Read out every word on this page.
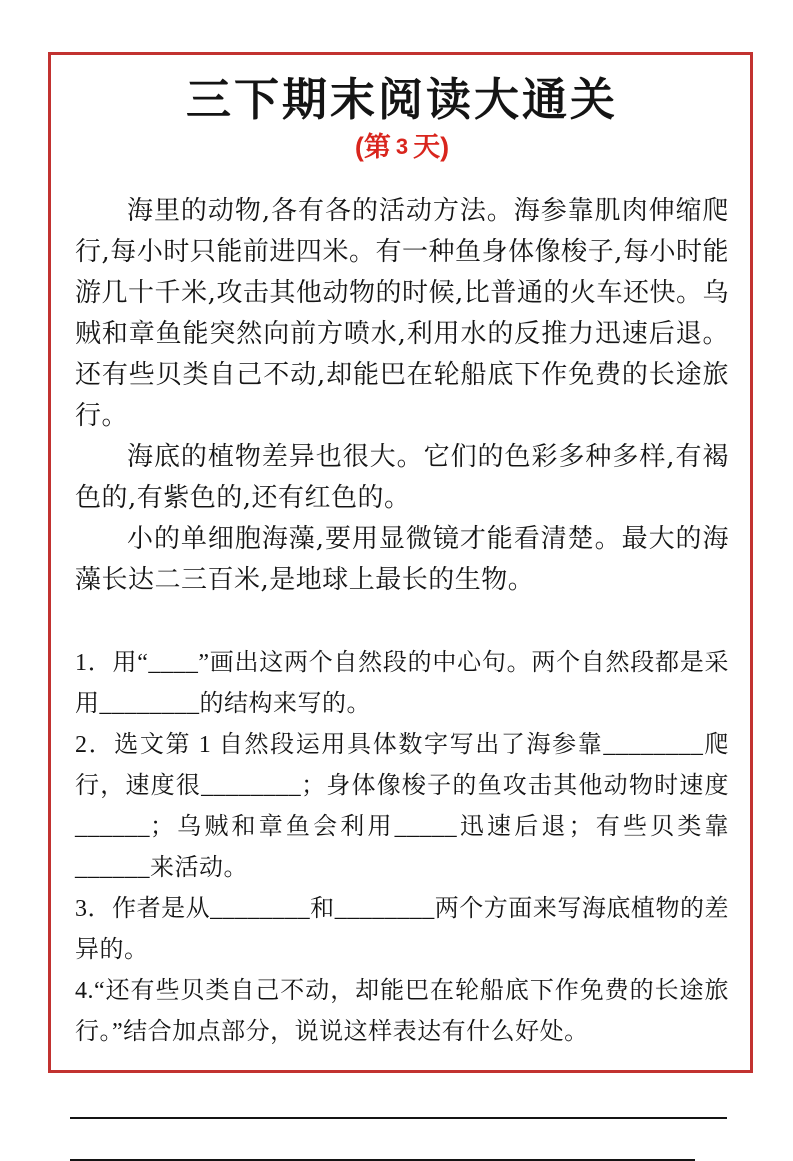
三下期末阅读大通关
(第 3 天)

海里的动物,各有各的活动方法。海参靠肌肉伸缩爬行,每小时只能前进四米。有一种鱼身体像梭子,每小时能游几十千米,攻击其他动物的时候,比普通的火车还快。乌贼和章鱼能突然向前方喷水,利用水的反推力迅速后退。还有些贝类自己不动,却能巴在轮船底下作免费的长途旅行。

海底的植物差异也很大。它们的色彩多种多样,有褐色的,有紫色的,还有红色的。

小的单细胞海藻,要用显微镜才能看清楚。最大的海藻长达二三百米,是地球上最长的生物。

1．用“____”画出这两个自然段的中心句。两个自然段都是采用________的结构来写的。
2．选文第 1 自然段运用具体数字写出了海参靠________爬行，速度很________；身体像梭子的鱼攻击其他动物时速度______；乌贼和章鱼会利用_____迅速后退；有些贝类靠______来活动。
3．作者是从________和________两个方面来写海底植物的差异的。
4.“还有些贝类自己不动，却能巴在轮船底下作免费的长途旅行。”结合加点部分，说说这样表达有什么好处。
